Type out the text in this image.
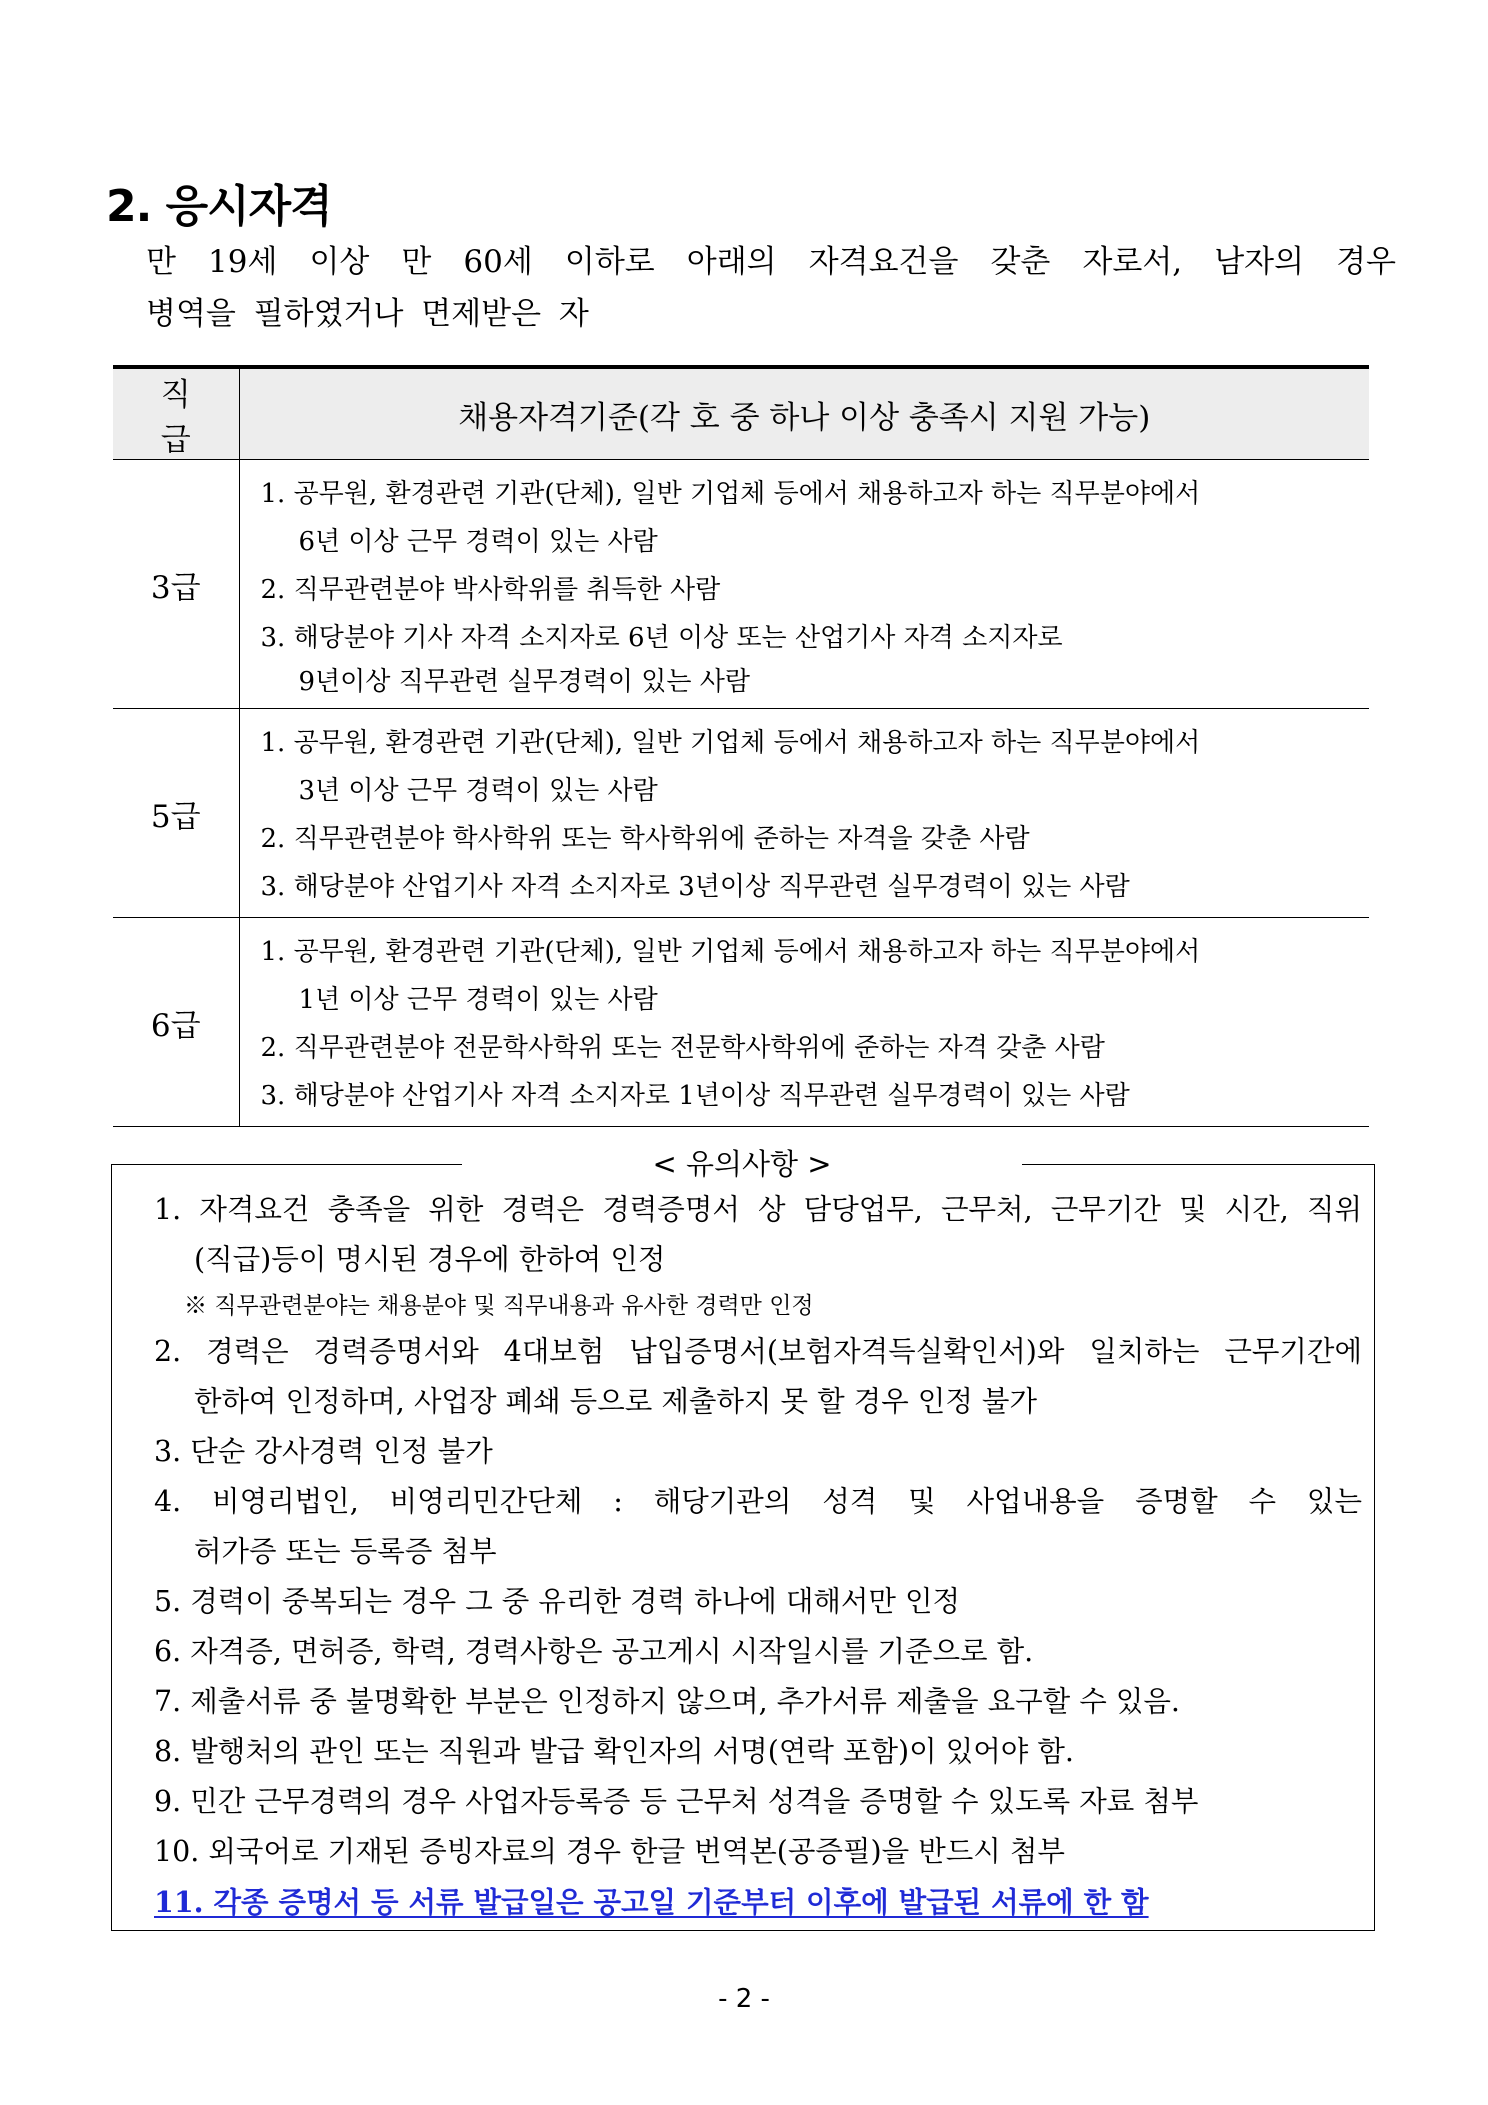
2. 응시자격
만 19세 이상 만 60세 이하로 아래의 자격요건을 갖춘 자로서, 남자의 경우
병역을 필하였거나 면제받은 자
직 급	채용자격기준(각 호 중 하나 이상 충족시 지원 가능)
3급	1. 공무원, 환경관련 기관(단체), 일반 기업체 등에서 채용하고자 하는 직무분야에서
6년 이상 근무 경력이 있는 사람
2. 직무관련분야 박사학위를 취득한 사람
3. 해당분야 기사 자격 소지자로 6년 이상 또는 산업기사 자격 소지자로
9년이상 직무관련 실무경력이 있는 사람

5급	1. 공무원, 환경관련 기관(단체), 일반 기업체 등에서 채용하고자 하는 직무분야에서
3년 이상 근무 경력이 있는 사람
2. 직무관련분야 학사학위 또는 학사학위에 준하는 자격을 갖춘 사람
3. 해당분야 산업기사 자격 소지자로 3년이상 직무관련 실무경력이 있는 사람

6급	1. 공무원, 환경관련 기관(단체), 일반 기업체 등에서 채용하고자 하는 직무분야에서
1년 이상 근무 경력이 있는 사람
2. 직무관련분야 전문학사학위 또는 전문학사학위에 준하는 자격 갖춘 사람
3. 해당분야 산업기사 자격 소지자로 1년이상 직무관련 실무경력이 있는 사람
< 유의사항 >
1. 자격요건 충족을 위한 경력은 경력증명서 상 담당업무, 근무처, 근무기간 및 시간, 직위
(직급)등이 명시된 경우에 한하여 인정
※ 직무관련분야는 채용분야 및 직무내용과 유사한 경력만 인정
2. 경력은 경력증명서와 4대보험 납입증명서(보험자격득실확인서)와 일치하는 근무기간에
한하여 인정하며, 사업장 폐쇄 등으로 제출하지 못 할 경우 인정 불가
3. 단순 강사경력 인정 불가
4. 비영리법인, 비영리민간단체 : 해당기관의 성격 및 사업내용을 증명할 수 있는
허가증 또는 등록증 첨부
5. 경력이 중복되는 경우 그 중 유리한 경력 하나에 대해서만 인정
6. 자격증, 면허증, 학력, 경력사항은 공고게시 시작일시를 기준으로 함.
7. 제출서류 중 불명확한 부분은 인정하지 않으며, 추가서류 제출을 요구할 수 있음.
8. 발행처의 관인 또는 직원과 발급 확인자의 서명(연락 포함)이 있어야 함.
9. 민간 근무경력의 경우 사업자등록증 등 근무처 성격을 증명할 수 있도록 자료 첨부
10. 외국어로 기재된 증빙자료의 경우 한글 번역본(공증필)을 반드시 첨부
11. 각종 증명서 등 서류 발급일은 공고일 기준부터 이후에 발급된 서류에 한 함
- 2 -
